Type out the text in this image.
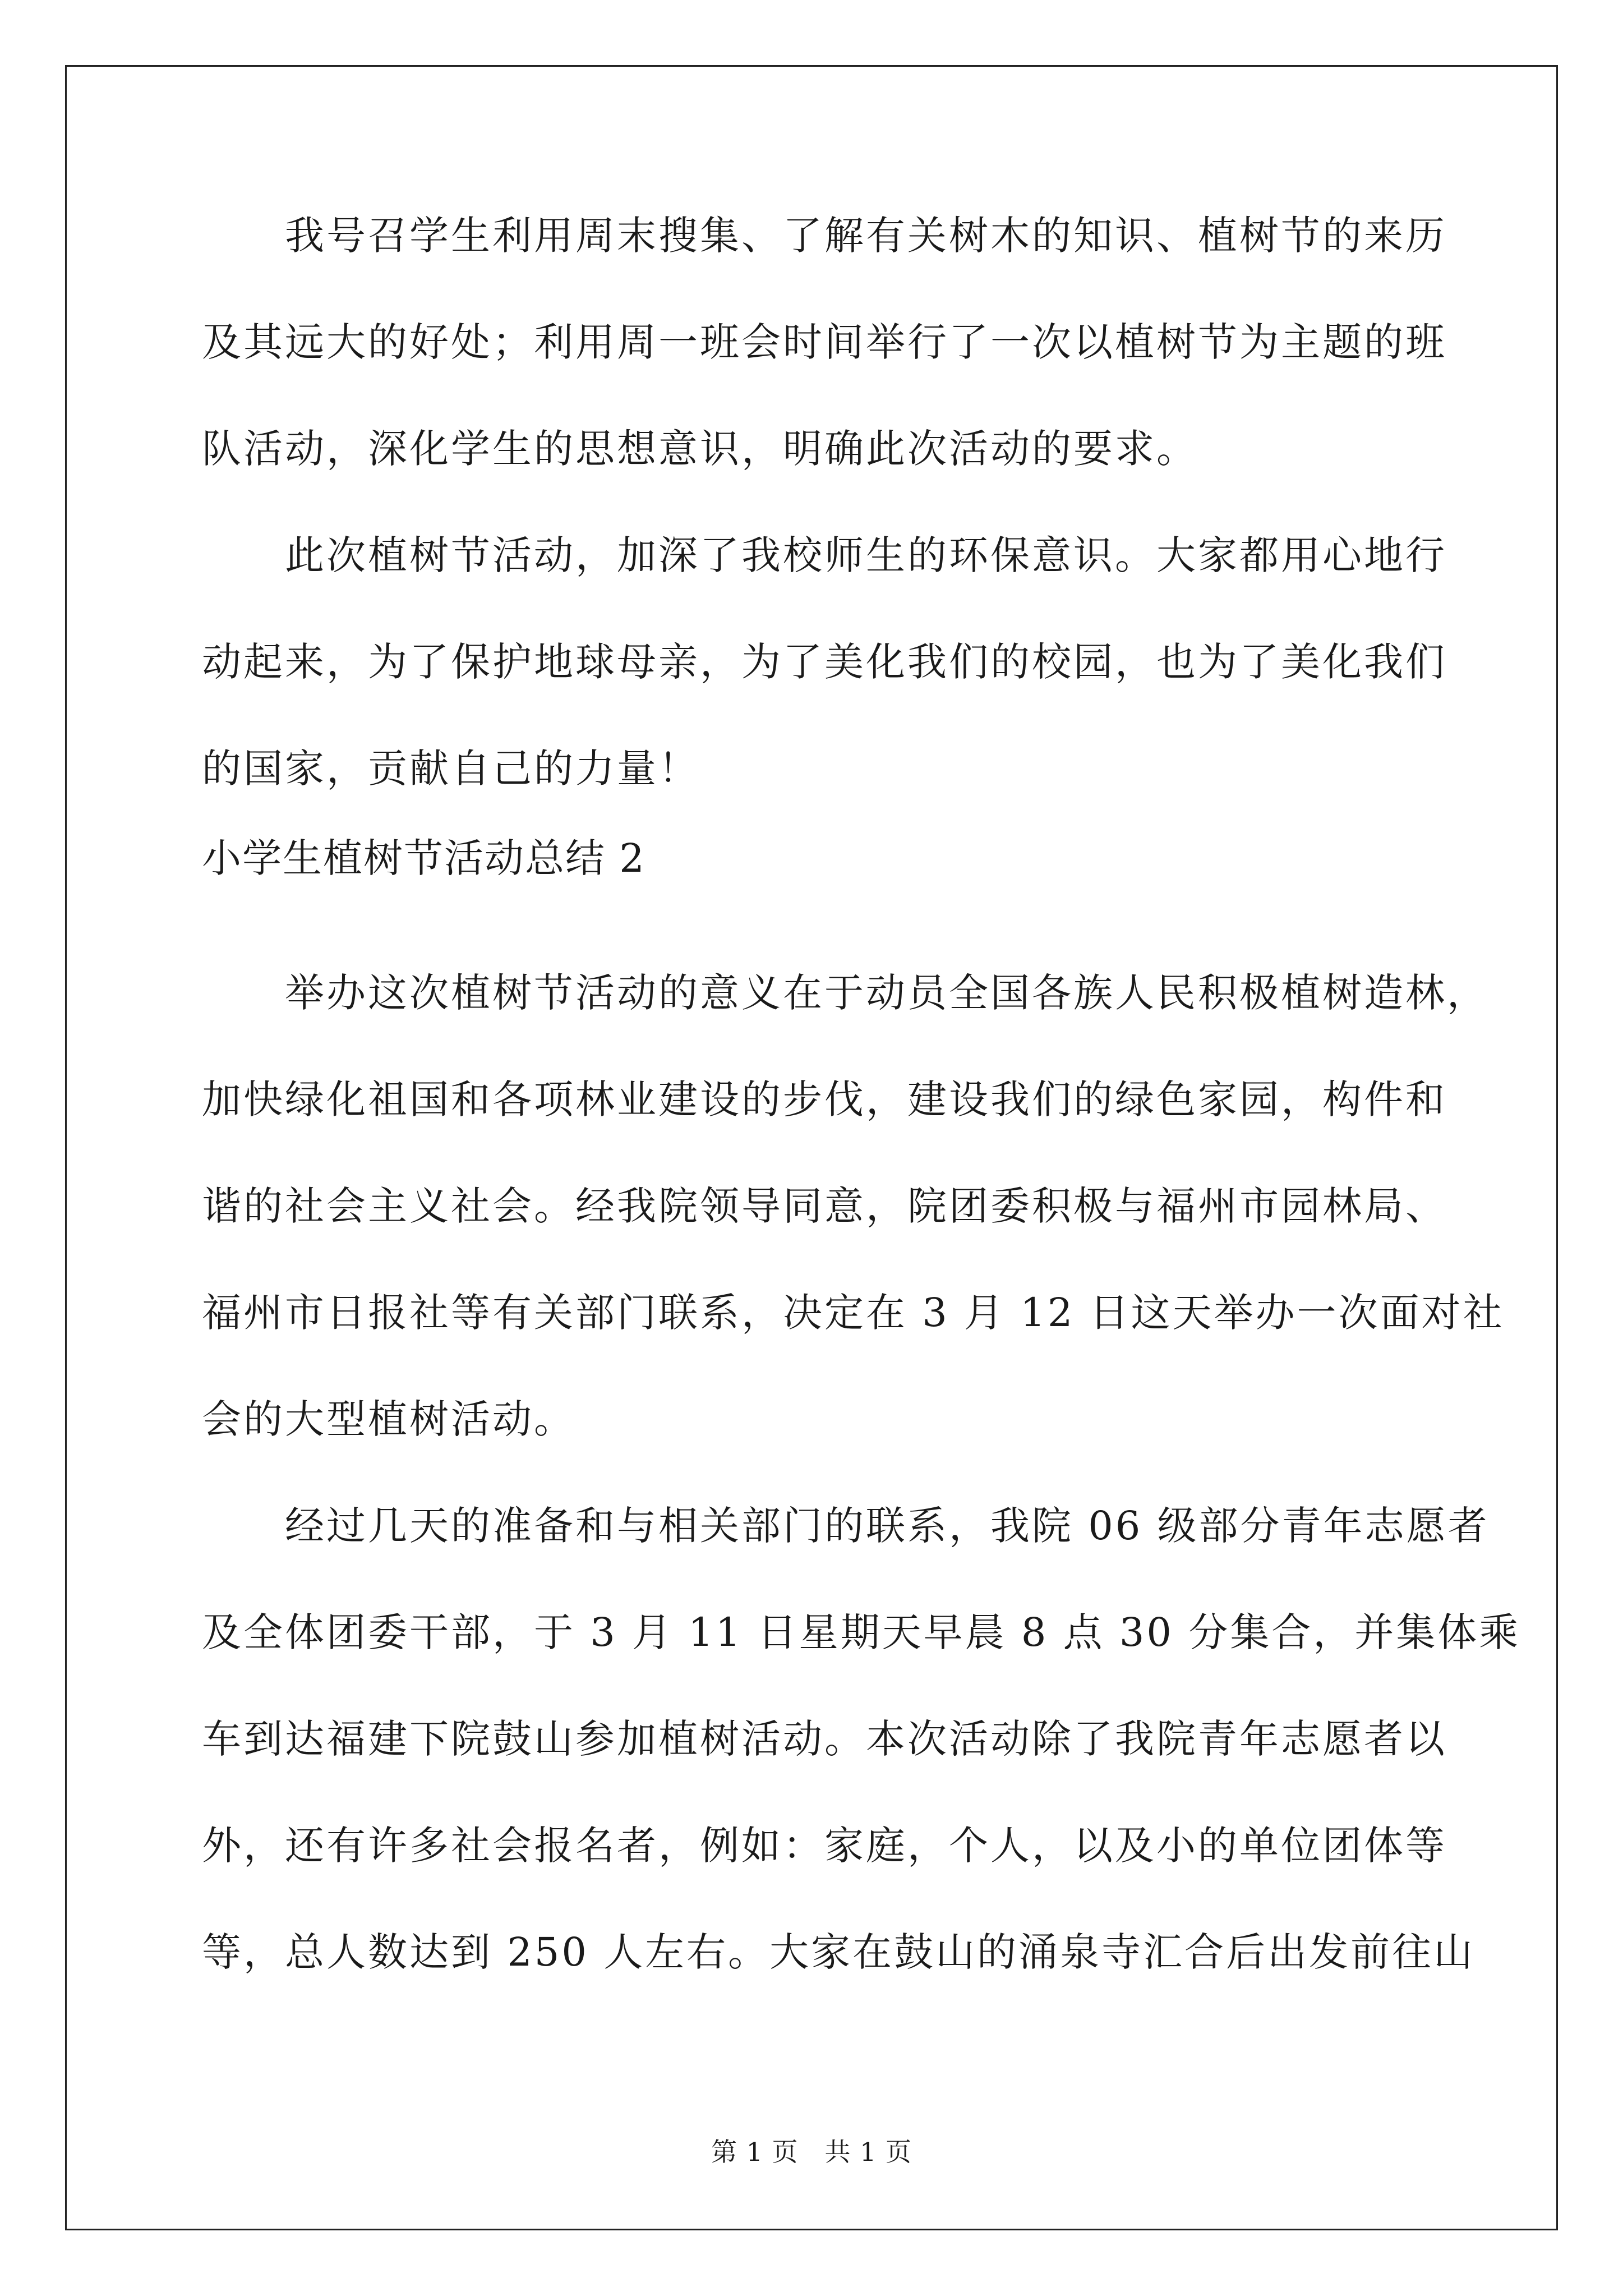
我号召学生利用周末搜集、了解有关树木的知识、植树节的来历
及其远大的好处；利用周一班会时间举行了一次以植树节为主题的班
队活动，深化学生的思想意识，明确此次活动的要求。
此次植树节活动，加深了我校师生的环保意识。大家都用心地行
动起来，为了保护地球母亲，为了美化我们的校园，也为了美化我们
的国家，贡献自己的力量！
小学生植树节活动总结 2
举办这次植树节活动的意义在于动员全国各族人民积极植树造林，
加快绿化祖国和各项林业建设的步伐，建设我们的绿色家园，构件和
谐的社会主义社会。经我院领导同意，院团委积极与福州市园林局、
福州市日报社等有关部门联系，决定在 3 月 12 日这天举办一次面对社
会的大型植树活动。
经过几天的准备和与相关部门的联系，我院 06 级部分青年志愿者
及全体团委干部，于 3 月 11 日星期天早晨 8 点 30 分集合，并集体乘
车到达福建下院鼓山参加植树活动。本次活动除了我院青年志愿者以
外，还有许多社会报名者，例如：家庭，个人，以及小的单位团体等
等，总人数达到 250 人左右。大家在鼓山的涌泉寺汇合后出发前往山
第 1 页　共 1 页
